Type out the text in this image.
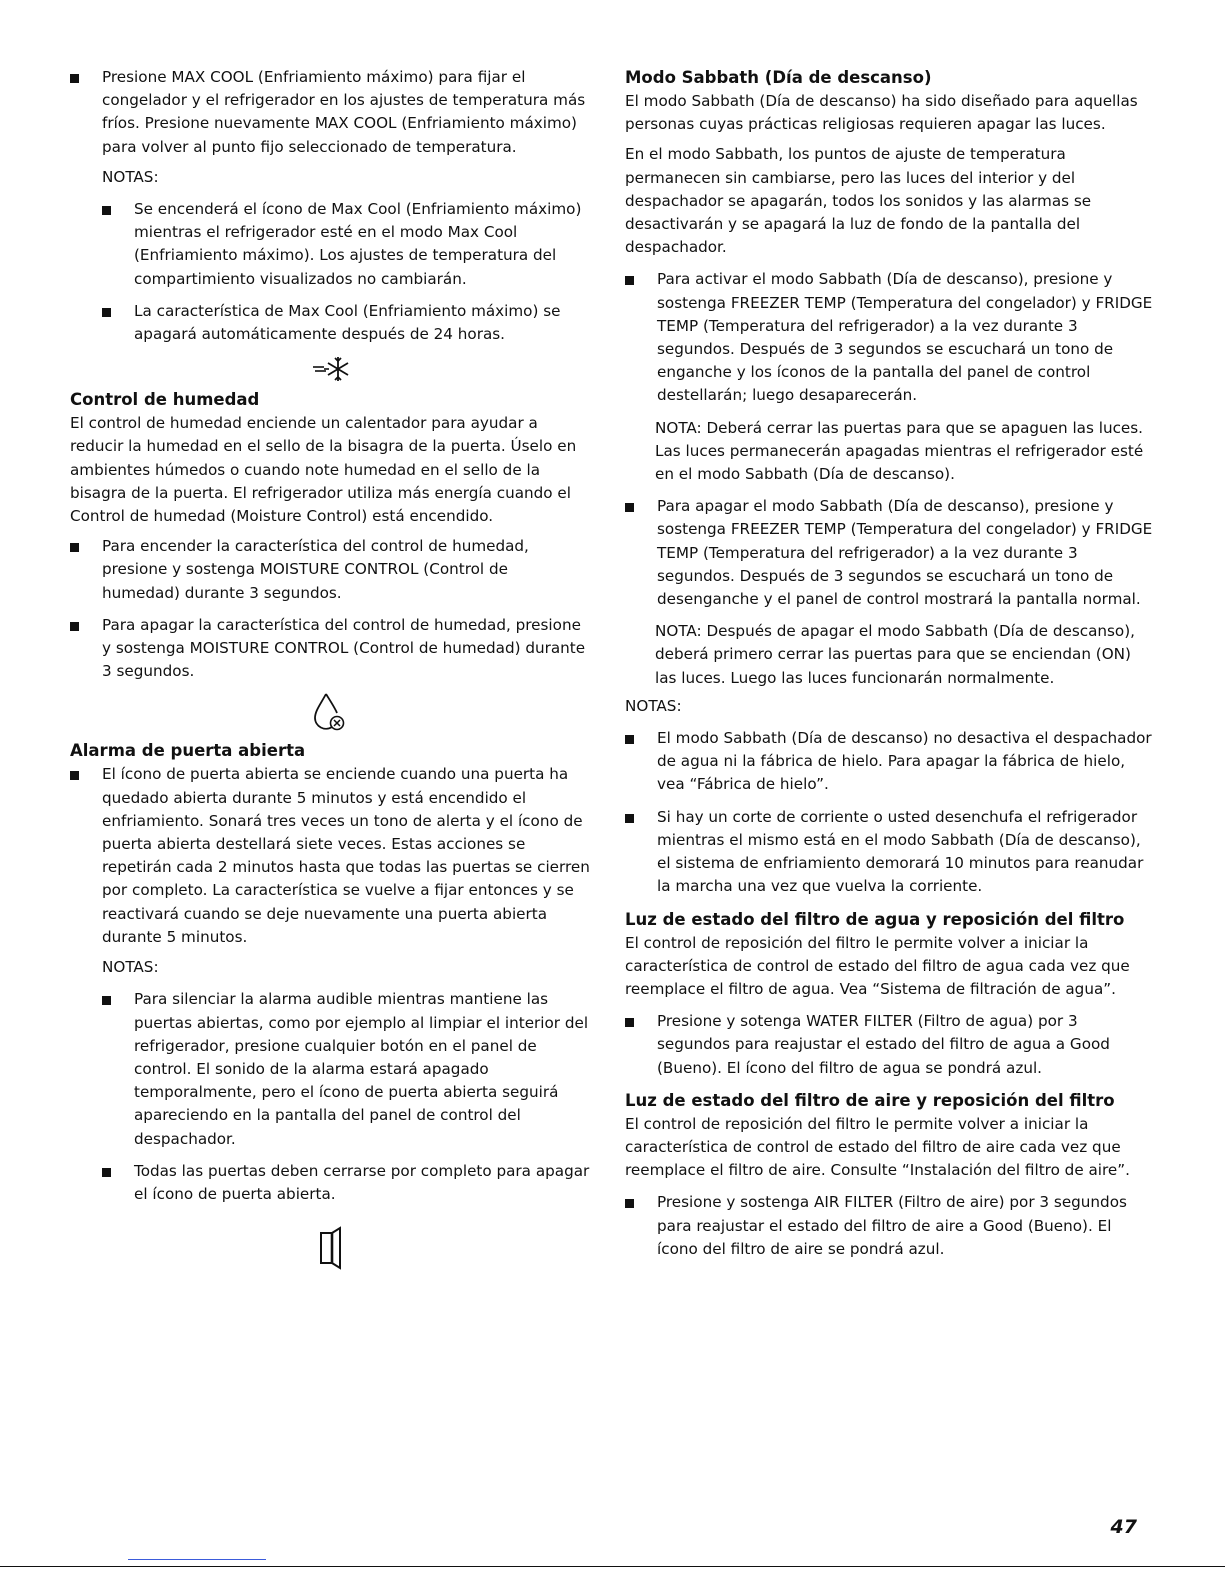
Presione MAX COOL (Enfriamiento máximo) para fijar el congelador y el refrigerador en los ajustes de temperatura más fríos. Presione nuevamente MAX COOL (Enfriamiento máximo) para volver al punto fijo seleccionado de temperatura.
NOTAS:
Se encenderá el ícono de Max Cool (Enfriamiento máximo) mientras el refrigerador esté en el modo Max Cool (Enfriamiento máximo). Los ajustes de temperatura del compartimiento visualizados no cambiarán.
La característica de Max Cool (Enfriamiento máximo) se apagará automáticamente después de 24 horas.
Control de humedad

El control de humedad enciende un calentador para ayudar a reducir la humedad en el sello de la bisagra de la puerta. Úselo en ambientes húmedos o cuando note humedad en el sello de la bisagra de la puerta. El refrigerador utiliza más energía cuando el Control de humedad (Moisture Control) está encendido.

Para encender la característica del control de humedad, presione y sostenga MOISTURE CONTROL (Control de humedad) durante 3 segundos.
Para apagar la característica del control de humedad, presione y sostenga MOISTURE CONTROL (Control de humedad) durante 3 segundos.
Alarma de puerta abierta
El ícono de puerta abierta se enciende cuando una puerta ha quedado abierta durante 5 minutos y está encendido el enfriamiento. Sonará tres veces un tono de alerta y el ícono de puerta abierta destellará siete veces. Estas acciones se repetirán cada 2 minutos hasta que todas las puertas se cierren por completo. La característica se vuelve a fijar entonces y se reactivará cuando se deje nuevamente una puerta abierta durante 5 minutos.
NOTAS:
Para silenciar la alarma audible mientras mantiene las puertas abiertas, como por ejemplo al limpiar el interior del refrigerador, presione cualquier botón en el panel de control. El sonido de la alarma estará apagado temporalmente, pero el ícono de puerta abierta seguirá apareciendo en la pantalla del panel de control del despachador.
Todas las puertas deben cerrarse por completo para apagar el ícono de puerta abierta.
Modo Sabbath (Día de descanso)

El modo Sabbath (Día de descanso) ha sido diseñado para aquellas personas cuyas prácticas religiosas requieren apagar las luces.

En el modo Sabbath, los puntos de ajuste de temperatura permanecen sin cambiarse, pero las luces del interior y del despachador se apagarán, todos los sonidos y las alarmas se desactivarán y se apagará la luz de fondo de la pantalla del despachador.

Para activar el modo Sabbath (Día de descanso), presione y sostenga FREEZER TEMP (Temperatura del congelador) y FRIDGE TEMP (Temperatura del refrigerador) a la vez durante 3 segundos. Después de 3 segundos se escuchará un tono de enganche y los íconos de la pantalla del panel de control destellarán; luego desaparecerán.

NOTA: Deberá cerrar las puertas para que se apaguen las luces. Las luces permanecerán apagadas mientras el refrigerador esté en el modo Sabbath (Día de descanso).

Para apagar el modo Sabbath (Día de descanso), presione y sostenga FREEZER TEMP (Temperatura del congelador) y FRIDGE TEMP (Temperatura del refrigerador) a la vez durante 3 segundos. Después de 3 segundos se escuchará un tono de desenganche y el panel de control mostrará la pantalla normal.

NOTA: Después de apagar el modo Sabbath (Día de descanso), deberá primero cerrar las puertas para que se enciendan (ON) las luces. Luego las luces funcionarán normalmente.

NOTAS:
El modo Sabbath (Día de descanso) no desactiva el despachador de agua ni la fábrica de hielo. Para apagar la fábrica de hielo, vea “Fábrica de hielo”.
Si hay un corte de corriente o usted desenchufa el refrigerador mientras el mismo está en el modo Sabbath (Día de descanso), el sistema de enfriamiento demorará 10 minutos para reanudar la marcha una vez que vuelva la corriente.
Luz de estado del filtro de agua y reposición del filtro

El control de reposición del filtro le permite volver a iniciar la característica de control de estado del filtro de agua cada vez que reemplace el filtro de agua. Vea “Sistema de filtración de agua”.

Presione y sotenga WATER FILTER (Filtro de agua) por 3 segundos para reajustar el estado del filtro de agua a Good (Bueno). El ícono del filtro de agua se pondrá azul.
Luz de estado del filtro de aire y reposición del filtro

El control de reposición del filtro le permite volver a iniciar la característica de control de estado del filtro de aire cada vez que reemplace el filtro de aire. Consulte “Instalación del filtro de aire”.

Presione y sostenga AIR FILTER (Filtro de aire) por 3 segundos para reajustar el estado del filtro de aire a Good (Bueno). El ícono del filtro de aire se pondrá azul.
47
